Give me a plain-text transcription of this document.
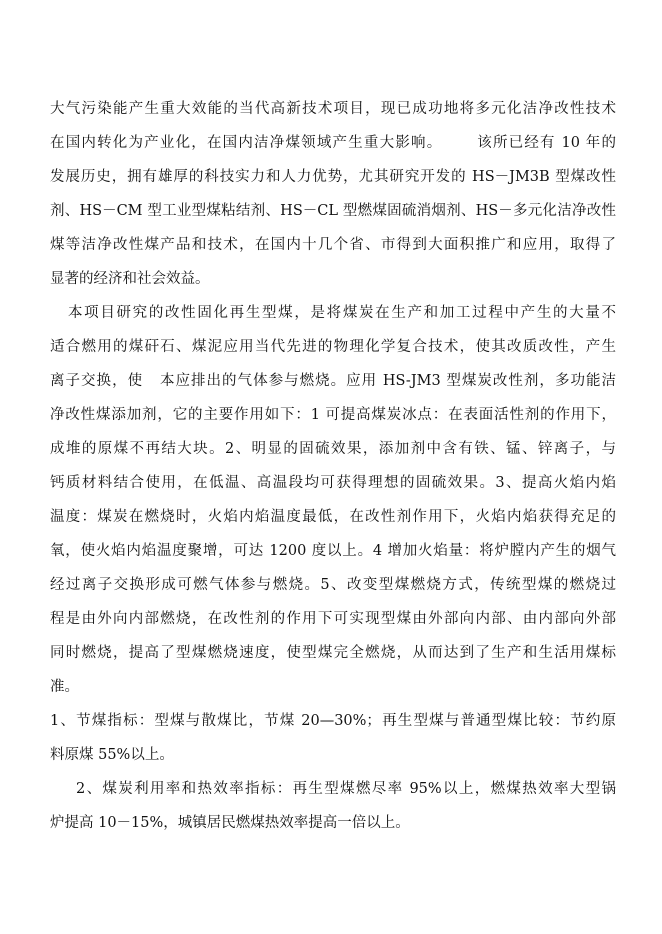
大气污染能产生重大效能的当代高新技术项目，现已成功地将多元化洁净改性技术
在国内转化为产业化，在国内洁净煤领域产生重大影响。      该所已经有 10 年的
发展历史，拥有雄厚的科技实力和人力优势，尤其研究开发的 HS－JM3B 型煤改性
剂、HS－CM 型工业型煤粘结剂、HS－CL 型燃煤固硫消烟剂、HS－多元化洁净改性
煤等洁净改性煤产品和技术，在国内十几个省、市得到大面积推广和应用，取得了
显著的经济和社会效益。
本项目研究的改性固化再生型煤，是将煤炭在生产和加工过程中产生的大量不
适合燃用的煤矸石、煤泥应用当代先进的物理化学复合技术，使其改质改性，产生
离子交换，使   本应排出的气体参与燃烧。应用 HS-JM3 型煤炭改性剂，多功能洁
净改性煤添加剂，它的主要作用如下：1 可提高煤炭冰点：在表面活性剂的作用下，
成堆的原煤不再结大块。2、明显的固硫效果，添加剂中含有铁、锰、锌离子，与
钙质材料结合使用，在低温、高温段均可获得理想的固硫效果。3、提高火焰内焰
温度：煤炭在燃烧时，火焰内焰温度最低，在改性剂作用下，火焰内焰获得充足的
氧，使火焰内焰温度聚增，可达 1200 度以上。4 增加火焰量：将炉膛内产生的烟气
经过离子交换形成可燃气体参与燃烧。5、改变型煤燃烧方式，传统型煤的燃烧过
程是由外向内部燃烧，在改性剂的作用下可实现型煤由外部向内部、由内部向外部
同时燃烧，提高了型煤燃烧速度，使型煤完全燃烧，从而达到了生产和生活用煤标
准。
1、节煤指标：型煤与散煤比，节煤 20—30%；再生型煤与普通型煤比较：节约原
料原煤 55%以上。
2、煤炭利用率和热效率指标：再生型煤燃尽率 95%以上，燃煤热效率大型锅
炉提高 10－15%，城镇居民燃煤热效率提高一倍以上。
